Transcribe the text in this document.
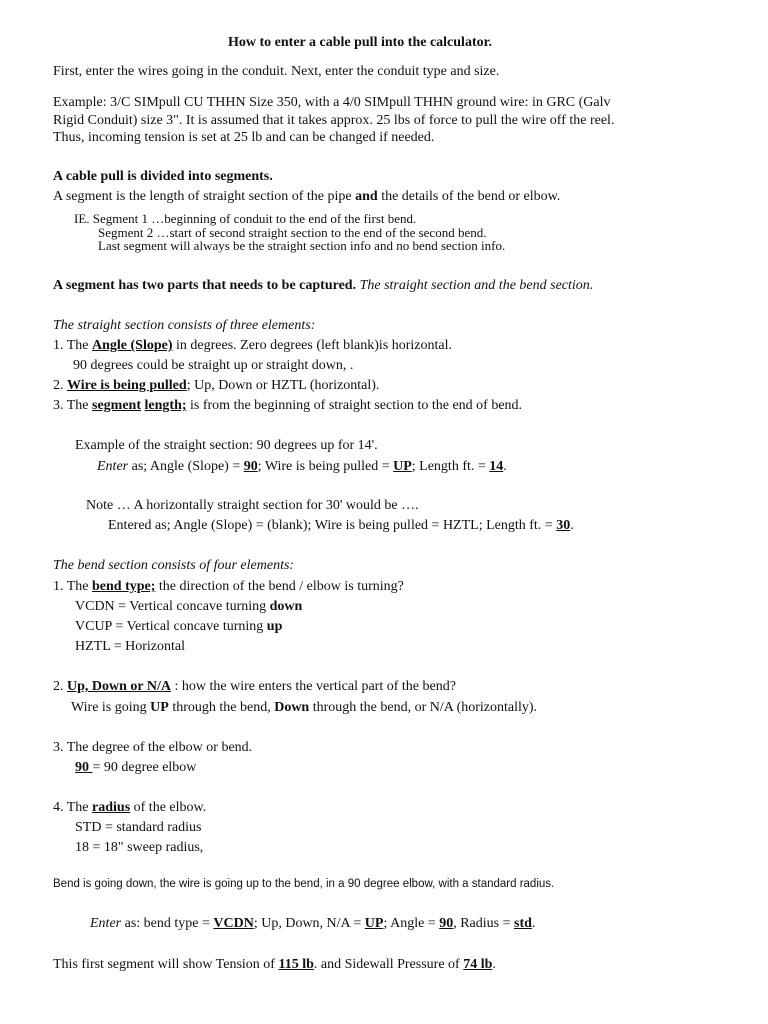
How to enter a cable pull into the calculator.
First, enter the wires going in the conduit. Next, enter the conduit type and size.
Example: 3/C SIMpull CU THHN Size 350, with a 4/0 SIMpull THHN ground wire: in GRC (Galv
Rigid Conduit) size 3". It is assumed that it takes approx. 25 lbs of force to pull the wire off the reel.
Thus, incoming tension is set at 25 lb and can be changed if needed.
A cable pull is divided into segments.
A segment is the length of straight section of the pipe and the details of the bend or elbow.
IE. Segment 1 …beginning of conduit to the end of the first bend.
Segment 2 …start of second straight section to the end of the second bend.
Last segment will always be the straight section info and no bend section info.
A segment has two parts that needs to be captured. The straight section and the bend section.
The straight section consists of three elements:
1. The Angle (Slope) in degrees. Zero degrees (left blank)is horizontal.
90 degrees could be straight up or straight down, .
2. Wire is being pulled; Up, Down or HZTL (horizontal).
3. The segment length; is from the beginning of straight section to the end of bend.
Example of the straight section: 90 degrees up for 14'.
Enter as; Angle (Slope) = 90; Wire is being pulled = UP; Length ft. = 14.
Note … A horizontally straight section for 30' would be ….
Entered as; Angle (Slope) = (blank); Wire is being pulled = HZTL; Length ft. = 30.
The bend section consists of four elements:
1. The bend type; the direction of the bend / elbow is turning?
VCDN = Vertical concave turning down
VCUP = Vertical concave turning up
HZTL = Horizontal
2. Up, Down or N/A : how the wire enters the vertical part of the bend?
Wire is going UP through the bend, Down through the bend, or N/A (horizontally).
3. The degree of the elbow or bend.
90 = 90 degree elbow
4. The radius of the elbow.
STD = standard radius
18 = 18" sweep radius,
Bend is going down, the wire is going up to the bend, in a 90 degree elbow, with a standard radius.
Enter as: bend type = VCDN; Up, Down, N/A = UP; Angle = 90, Radius = std.
This first segment will show Tension of 115 lb. and Sidewall Pressure of 74 lb.
